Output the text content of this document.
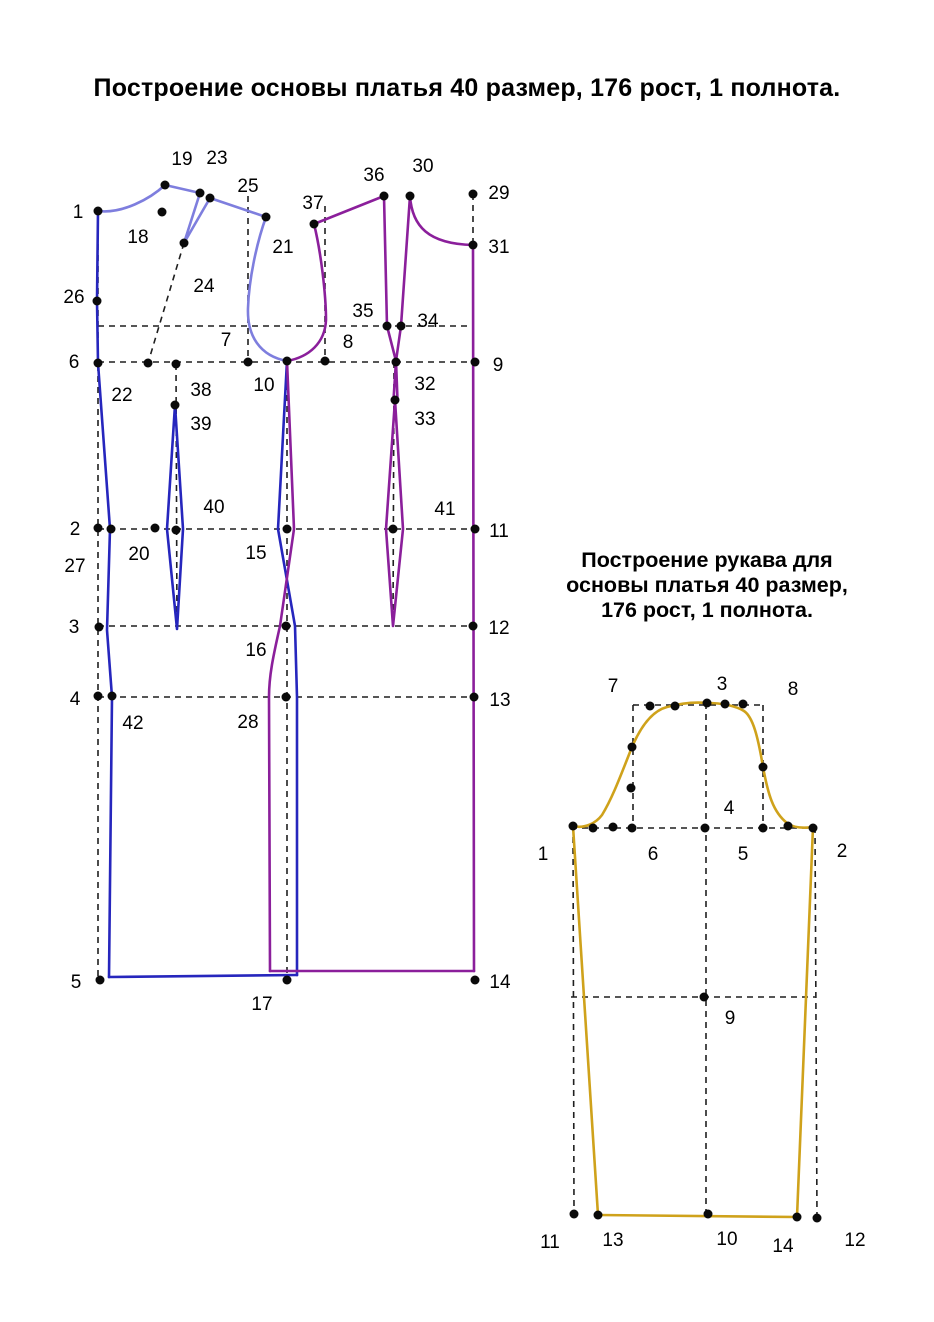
Построение основы платья 40 размер, 176 рост, 1 полнота.
Построение рукава для
основы платья 40 размер,
176 рост, 1 полнота.
1
19 23
18
25
21
24
37
36 30
29
31
26
35 34
7	8
6	9
22	38 10	32
33
39
40	41
2
20	15
11
27
3	12
16
4	13
42	28
5
17
14
7	3	8
1	6	5	2
4
9
11 13	10 14	12
